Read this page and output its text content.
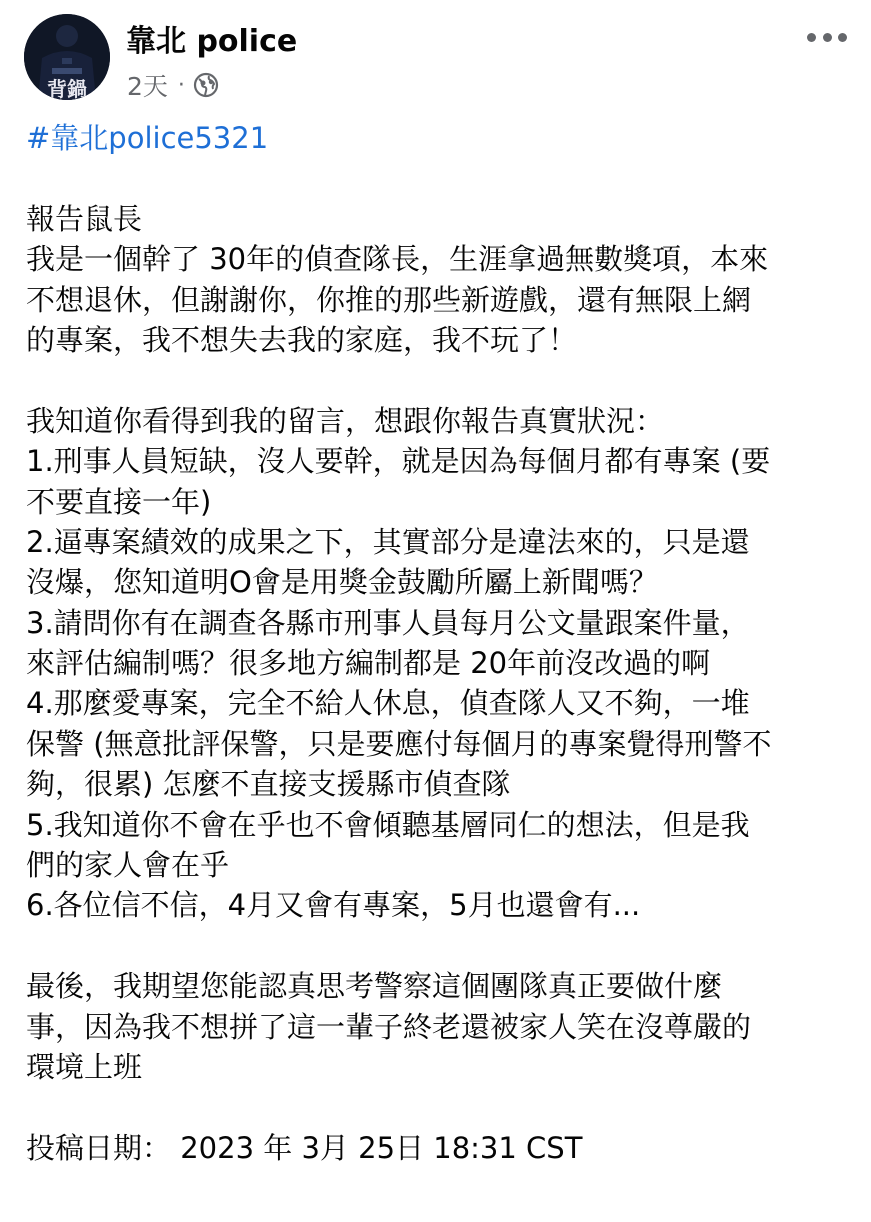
背鍋
靠北 police
2天 ·
#靠北police5321
報告鼠長
我是一個幹了 30年的偵查隊長，生涯拿過無數獎項，本來
不想退休，但謝謝你，你推的那些新遊戲，還有無限上網
的專案，我不想失去我的家庭，我不玩了！
我知道你看得到我的留言，想跟你報告真實狀況：
1.刑事人員短缺，沒人要幹，就是因為每個月都有專案 (要
不要直接一年)
2.逼專案績效的成果之下，其實部分是違法來的，只是還
沒爆，您知道明O會是用獎金鼓勵所屬上新聞嗎？
3.請問你有在調查各縣市刑事人員每月公文量跟案件量，
來評估編制嗎？很多地方編制都是 20年前沒改過的啊
4.那麼愛專案，完全不給人休息，偵查隊人又不夠，一堆
保警 (無意批評保警，只是要應付每個月的專案覺得刑警不
夠，很累) 怎麼不直接支援縣市偵查隊
5.我知道你不會在乎也不會傾聽基層同仁的想法，但是我
們的家人會在乎
6.各位信不信，4月又會有專案，5月也還會有...
最後，我期望您能認真思考警察這個團隊真正要做什麼
事，因為我不想拼了這一輩子終老還被家人笑在沒尊嚴的
環境上班
投稿日期： 2023 年 3月 25日 18:31 CST
